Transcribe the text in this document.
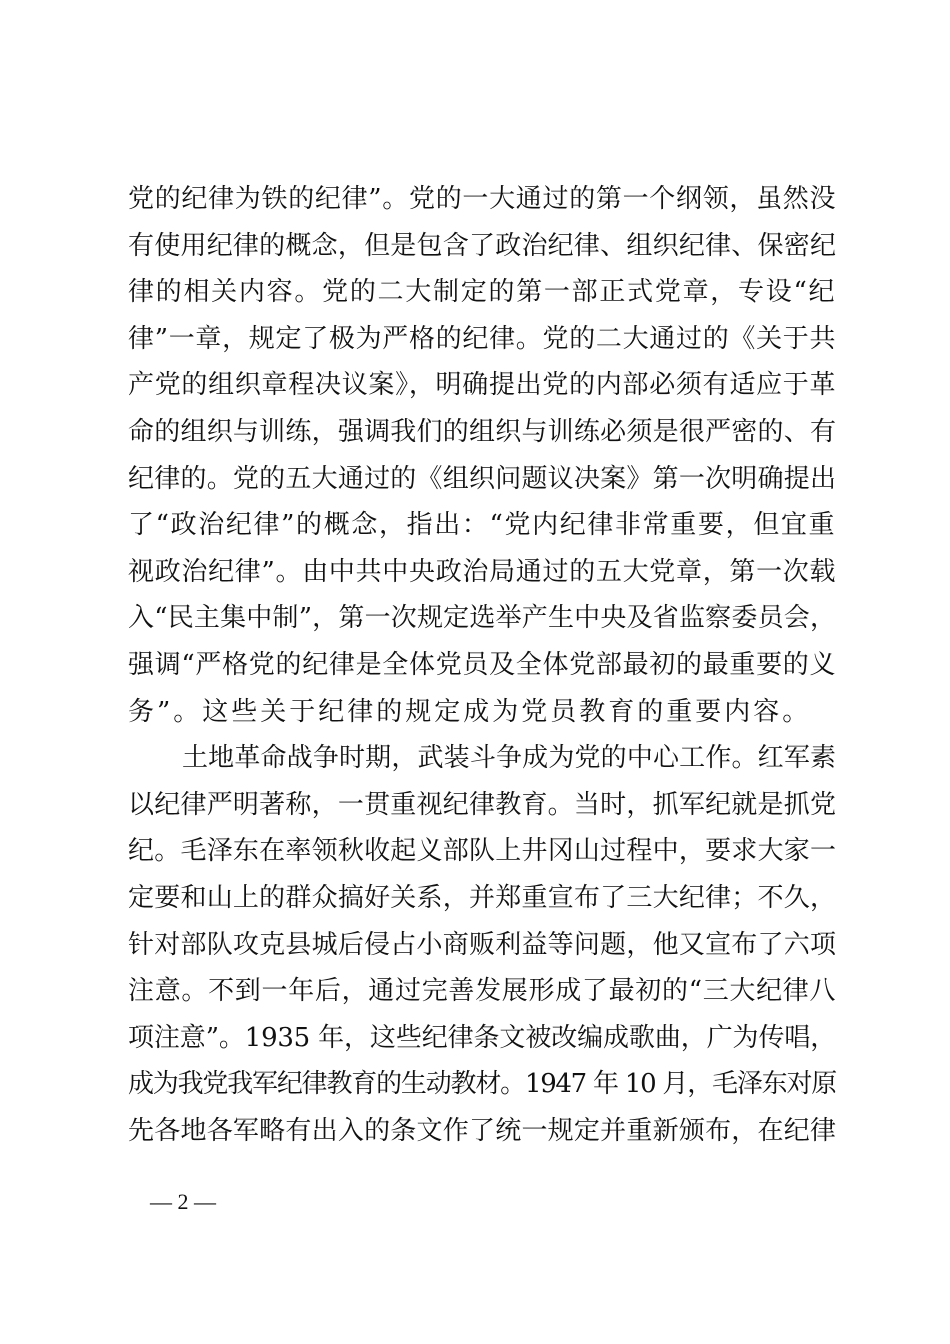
党的纪律为铁的纪律”。党的一大通过的第一个纲领，虽然没
有使用纪律的概念，但是包含了政治纪律、组织纪律、保密纪
律的相关内容。党的二大制定的第一部正式党章，专设“纪
律”一章，规定了极为严格的纪律。党的二大通过的《关于共
产党的组织章程决议案》，明确提出党的内部必须有适应于革
命的组织与训练，强调我们的组织与训练必须是很严密的、有
纪律的。党的五大通过的《组织问题议决案》第一次明确提出
了“政治纪律”的概念，指出：“党内纪律非常重要，但宜重
视政治纪律”。由中共中央政治局通过的五大党章，第一次载
入“民主集中制”，第一次规定选举产生中央及省监察委员会，
强调“严格党的纪律是全体党员及全体党部最初的最重要的义
务”。这些关于纪律的规定成为党员教育的重要内容。
土地革命战争时期，武装斗争成为党的中心工作。红军素
以纪律严明著称，一贯重视纪律教育。当时，抓军纪就是抓党
纪。毛泽东在率领秋收起义部队上井冈山过程中，要求大家一
定要和山上的群众搞好关系，并郑重宣布了三大纪律；不久，
针对部队攻克县城后侵占小商贩利益等问题，他又宣布了六项
注意。不到一年后，通过完善发展形成了最初的“三大纪律八
项注意”。1935 年，这些纪律条文被改编成歌曲，广为传唱，
成为我党我军纪律教育的生动教材。1947 年 10 月，毛泽东对原
先各地各军略有出入的条文作了统一规定并重新颁布，在纪律
— 2 —
